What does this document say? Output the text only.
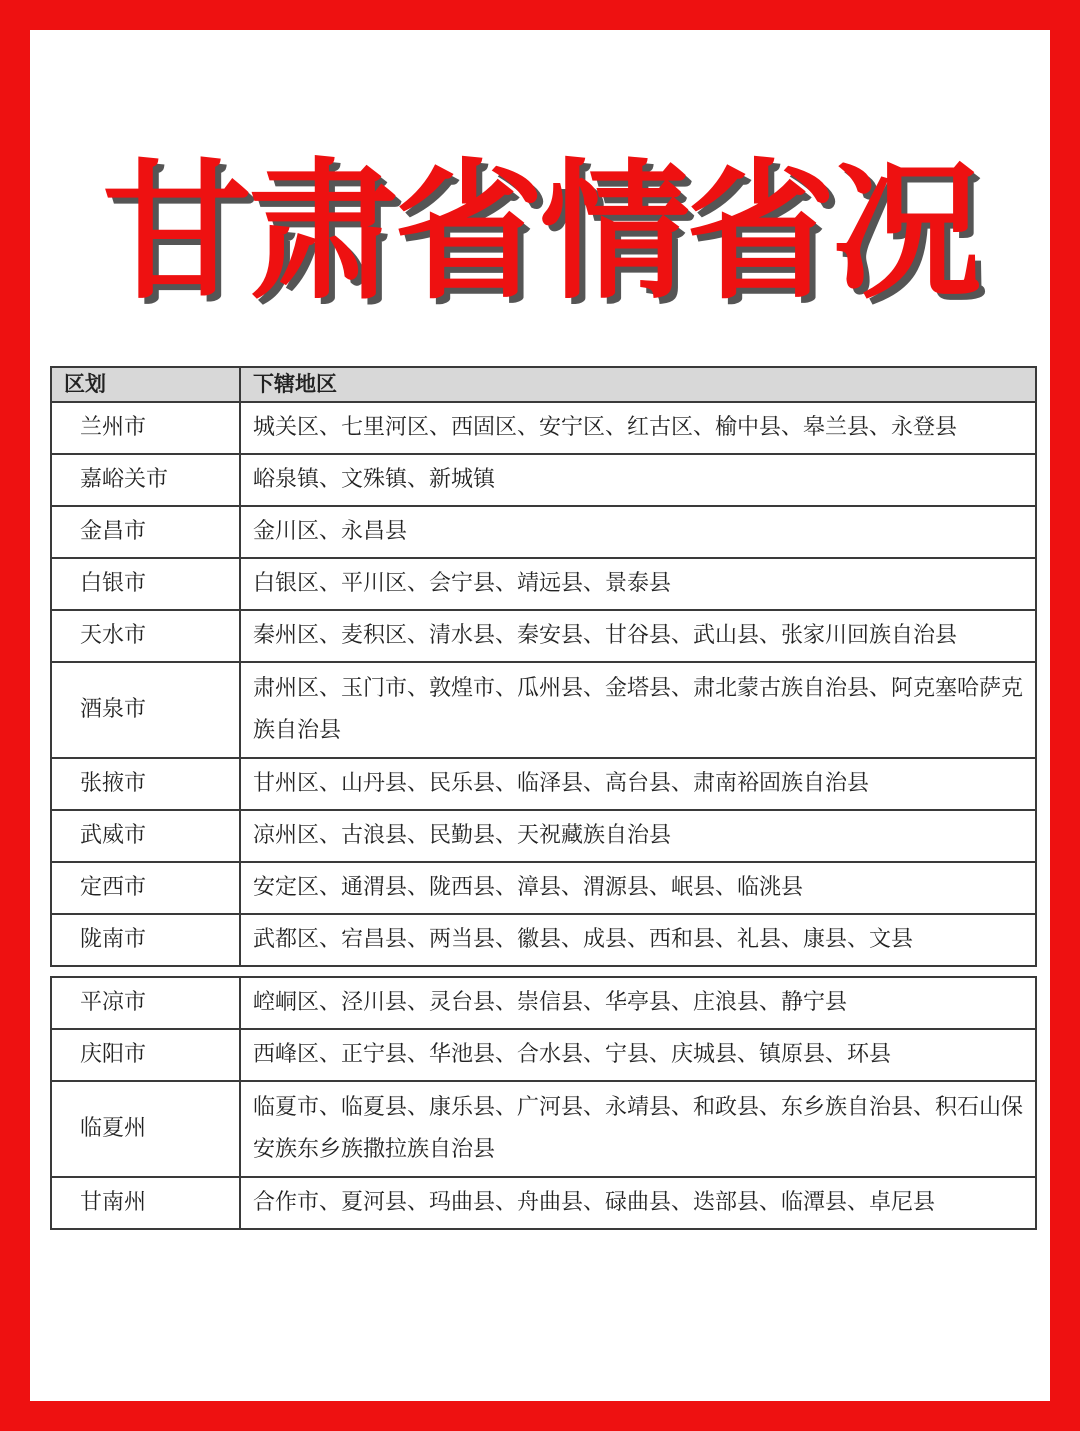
甘肃省情省况
区划	下辖地区
兰州市	城关区、七里河区、西固区、安宁区、红古区、榆中县、皋兰县、永登县
嘉峪关市	峪泉镇、文殊镇、新城镇
金昌市	金川区、永昌县
白银市	白银区、平川区、会宁县、靖远县、景泰县
天水市	秦州区、麦积区、清水县、秦安县、甘谷县、武山县、张家川回族自治县
酒泉市	肃州区、玉门市、敦煌市、瓜州县、金塔县、肃北蒙古族自治县、阿克塞哈萨克族自治县
张掖市	甘州区、山丹县、民乐县、临泽县、高台县、肃南裕固族自治县
武威市	凉州区、古浪县、民勤县、天祝藏族自治县
定西市	安定区、通渭县、陇西县、漳县、渭源县、岷县、临洮县
陇南市	武都区、宕昌县、两当县、徽县、成县、西和县、礼县、康县、文县
平凉市	崆峒区、泾川县、灵台县、崇信县、华亭县、庄浪县、静宁县
庆阳市	西峰区、正宁县、华池县、合水县、宁县、庆城县、镇原县、环县
临夏州	临夏市、临夏县、康乐县、广河县、永靖县、和政县、东乡族自治县、积石山保安族东乡族撒拉族自治县
甘南州	合作市、夏河县、玛曲县、舟曲县、碌曲县、迭部县、临潭县、卓尼县
